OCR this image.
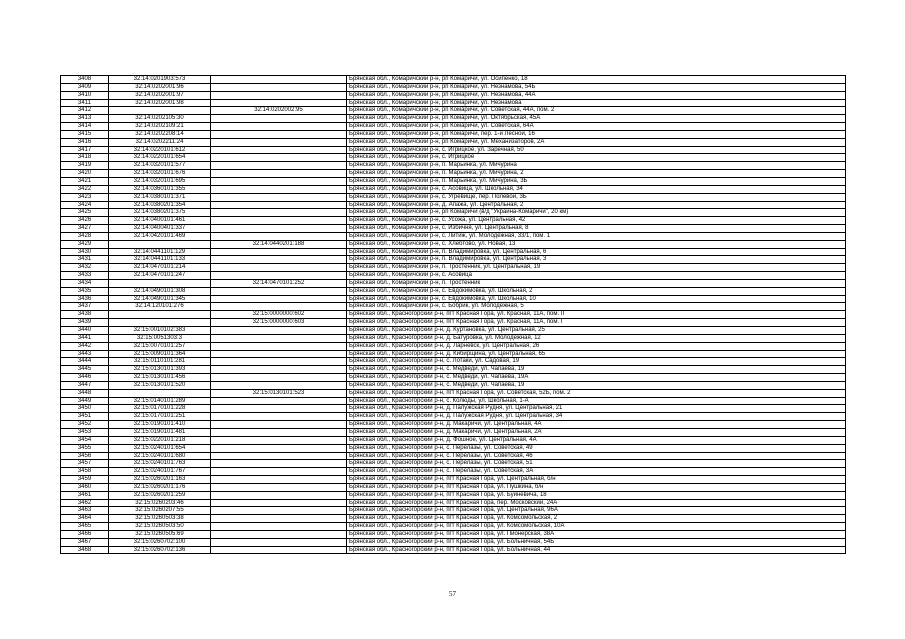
3408	32:14:0201903:573		Брянская обл., Комаричский р-н, рп Комаричи, ул. Осипенко, 18
3409	32:14:0202001:96		Брянская обл., Комаричский р-н, рп Комаричи, ул. Незнамова, 54Б
3410	32:14:0202001:97		Брянская обл., Комаричский р-н, рп Комаричи, ул. Незнамова, 44А
3411	32:14:0202001:98		Брянская обл., Комаричский р-н, рп Комаричи, ул. Незнамова
3412		32:14:0202002:95	Брянская обл., Комаричский р-н, рп Комаричи, ул. Советская, 44А, пом. 2
3413	32:14:0202105:30		Брянская обл., Комаричский р-н, рп Комаричи, ул. Октябрьская, 45А
3414	32:14:0202109:21		Брянская обл., Комаричский р-н, рп Комаричи, ул. Советская, 64А
3415	32:14:0202208:14		Брянская обл., Комаричский р-н, рп Комаричи, пер. 1-й Лесной, 16
3416	32:14:0202211:24		Брянская обл., Комаричский р-н, рп Комаричи, ул. Механизаторов, 2А
3417	32:14:0220101:612		Брянская обл., Комаричский р-н, с. Игрицкое, ул. Заречная, 50
3418	32:14:0220101:654		Брянская обл., Комаричский р-н, с. Игрицкое
3419	32:14:0320101:577		Брянская обл., Комаричский р-н, п. Марьинка, ул. Мичурина
3420	32:14:0320101:676		Брянская обл., Комаричский р-н, п. Марьинка, ул. Мичурина, 2
3421	32:14:0320101:695		Брянская обл., Комаричский р-н, п. Марьинка, ул. Мичурина, 3Б
3422	32:14:0360101:355		Брянская обл., Комаричский р-н, с. Асовица, ул. Школьная, 34
3423	32:14:0380101:371		Брянская обл., Комаричский р-н, с. Угревище, пер. Полевой, 3Б
3424	32:14:0380201:354		Брянская обл., Комаричский р-н, д. Апажа, ул. Центральная, 2
3425	32:14:0380201:375		Брянская обл., Комаричский р-н, рп Комаричи (в/д "Украина-Комаричи", 20 км)
3426	32:14:0400101:461		Брянская обл., Комаричский р-н, с. Усожа, ул. Центральная, 42
3427	32:14:0400401:337		Брянская обл., Комаричский р-н, с. Избичня, ул. Центральная, 8
3428	32:14:0420101:469		Брянская обл., Комаричский р-н, с. Литиж, ул. Молодежная, 33/1, пом. 1
3429		32:14:0440201:188	Брянская обл., Комаричский р-н, с. Хлебтово, ул. Новая, 13
3430	32:14:0441101:129		Брянская обл., Комаричский р-н, п. Владимировка, ул. Центральная, 6
3431	32:14:0441101:133		Брянская обл., Комаричский р-н, п. Владимировка, ул. Центральная, 3
3432	32:14:0470101:214		Брянская обл., Комаричский р-н, п. Тростенник, ул. Центральная, 19
3433	32:14:0470101:247		Брянская обл., Комаричский р-н, с. Асовица
3434		32:14:0470101:252	Брянская обл., Комаричский р-н, п. Тростенник
3435	32:14:0490101:308		Брянская обл., Комаричский р-н, с. Евдокимовка, ул. Школьная, 2
3436	32:14:0490101:345		Брянская обл., Комаричский р-н, с. Евдокимовка, ул. Школьная, 10
3437	32:14:120101:276		Брянская обл., Комаричский р-н, с. Бобрик, ул. Молодежная, 5
3438		32:15:0000000:602	Брянская обл., Красногорский р-н, пгт Красная Гора, ул. Красная, 11А, пом. II
3439		32:15:0000000:603	Брянская обл., Красногорский р-н, пгт Красная Гора, ул. Красная, 11А, пом. I
3440	32:15:0010102:383		Брянская обл., Красногорский р-н, д. Куртановка, ул. Центральная, 25
3441	32:15:0051303:3		Брянская обл., Красногорский р-н, д. Батуровка, ул. Молодежная, 12
3442	32:15:0070101:257		Брянская обл., Красногорский р-н, д. Ларневск, ул. Центральная, 26
3443	32:15:0090101:364		Брянская обл., Красногорский р-н, д. Кибирщина, ул. Центральная, 65
3444	32:15:0110101:281		Брянская обл., Красногорский р-н, с. Лотаки, ул. Садовая, 19
3445	32:15:0130101:393		Брянская обл., Красногорский р-н, с. Медведи, ул. Чапаева, 19
3446	32:15:0130101:456		Брянская обл., Красногорский р-н, с. Медведи, ул. Чапаева, 19А
3447	32:15:0130101:520		Брянская обл., Красногорский р-н, с. Медведи, ул. Чапаева, 19
3448		32:15:0130101:523	Брянская обл., Красногорский р-н, пгт Красная Гора, ул. Советская, 52Б, пом. 2
3449	32:15:0140101:289		Брянская обл., Красногорский р-н, с. Колюды, ул. Школьная, 1-А
3450	32:15:0170101:228		Брянская обл., Красногорский р-н, д. Палужская Рудня, ул. Центральная, 21
3451	32:15:0170101:251		Брянская обл., Красногорский р-н, д. Палужская Рудня, ул. Центральная, 34
3452	32:15:0190101:410		Брянская обл., Красногорский р-н, д. Макаричи, ул. Центральная, 4А
3453	32:15:0190101:481		Брянская обл., Красногорский р-н, д. Макаричи, ул. Центральная, 2А
3454	32:15:0220101:218		Брянская обл., Красногорский р-н, д. Фошное, ул. Центральная, 4А
3455	32:15:0240101:654		Брянская обл., Красногорский р-н, с. Перелазы, ул. Советская, 49
3456	32:15:0240101:680		Брянская обл., Красногорский р-н, с. Перелазы, ул. Советская, 46
3457	32:15:0240101:763		Брянская обл., Красногорский р-н, с. Перелазы, ул. Советская, 51
3458	32:15:0240101:767		Брянская обл., Красногорский р-н, с. Перелазы, ул. Советская, 3А
3459	32:15:0260201:163		Брянская обл., Красногорский р-н, пгт Красная Гора, ул. Центральная, б/н
3460	32:15:0260201:176		Брянская обл., Красногорский р-н, пгт Красная Гора, ул. Пушкина, б/н
3461	32:15:0260201:259		Брянская обл., Красногорский р-н, пгт Красная Гора, ул. Буйневича, 18
3462	32:15:0260203:46		Брянская обл., Красногорский р-н, пгт Красная Гора, пер. Московский, 24А
3463	32:15:0260207:55		Брянская обл., Красногорский р-н, пгт Красная Гора, ул. Центральная, 96А
3464	32:15:0260503:38		Брянская обл., Красногорский р-н, пгт Красная Гора, ул. Комсомольская, 2
3465	32:15:0260503:50		Брянская обл., Красногорский р-н, пгт Красная Гора, ул. Комсомольская, 10А
3466	32:15:0260505:69		Брянская обл., Красногорский р-н, пгт Красная Гора, ул. Пионерская, 38А
3467	32:15:0260702:100		Брянская обл., Красногорский р-н, пгт Красная Гора, ул. Больничная, 54Б
3468	32:15:0260702:136		Брянская обл., Красногорский р-н, пгт Красная Гора, ул. Больничная, 44
57
